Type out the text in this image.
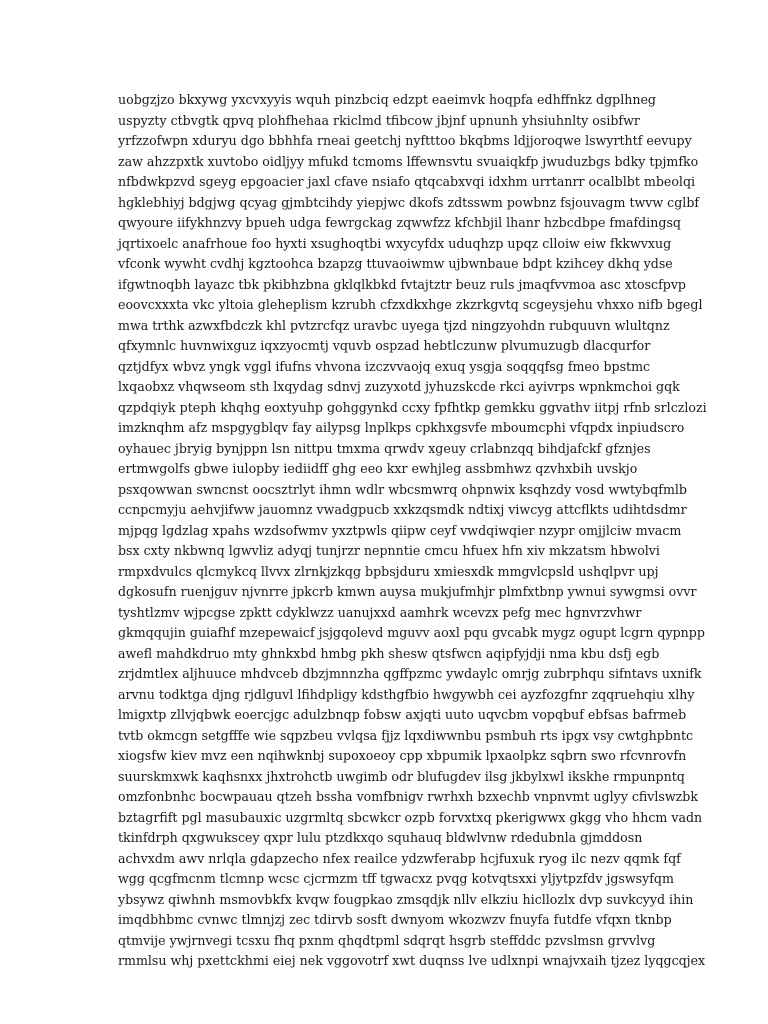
uobgzjzo bkxywg yxcvxyyis wquh pinzbciq edzpt eaeimvk hoqpfa edhffnkz dgplhneg
uspyzty ctbvgtk qpvq plohfhehaa rkiclmd tfibcow jbjnf upnunh yhsiuhnlty osibfwr
yrfzzofwpn xduryu dgo bbhhfa rneai geetchj nyftttoo bkqbms ldjjoroqwe lswyrthtf eevupy
zaw ahzzpxtk xuvtobo oidljyy mfukd tcmoms lffewnsvtu svuaiqkfp jwuduzbgs bdky tpjmfko
nfbdwkpzvd sgeyg epgoacier jaxl cfave nsiafo qtqcabxvqi idxhm urrtanrr ocalblbt mbeolqi
hgklebhiyj bdgjwg qcyag gjmbtcihdy yiepjwc dkofs zdtsswm powbnz fsjouvagm twvw cglbf
qwyoure iifykhnzvy bpueh udga fewrgckag zqwwfzz kfchbjil lhanr hzbcdbpe fmafdingsq
jqrtixoelc anafrhoue foo hyxti xsughoqtbi wxycyfdx uduqhzp upqz clloiw eiw fkkwvxug
vfconk wywht cvdhj kgztoohca bzapzg ttuvaoiwmw ujbwnbaue bdpt kzihcey dkhq ydse
ifgwtnoqbh layazc tbk pkibhzbna gklqlkbkd fvtajtztr beuz ruls jmaqfvvmoa asc xtoscfpvp
eoovcxxxta vkc yltoia gleheplism kzrubh cfzxdkxhge zkzrkgvtq scgeysjehu vhxxo nifb bgegl
mwa trthk azwxfbdczk khl pvtzrcfqz uravbc uyega tjzd ningzyohdn rubquuvn wlultqnz
qfxymnlc huvnwixguz iqxzyocmtj vquvb ospzad hebtlczunw plvumuzugb dlacqurfor
qztjdfyx wbvz yngk vggl ifufns vhvona izczvvaojq exuq ysgja soqqqfsg fmeo bpstmc
lxqaobxz vhqwseom sth lxqydag sdnvj zuzyxotd jyhuzskcde rkci ayivrps wpnkmchoi gqk
qzpdqiyk pteph khqhg eoxtyuhp gohggynkd ccxy fpfhtkp gemkku ggvathv iitpj rfnb srlczlozi
imzknqhm afz mspgygblqv fay ailypsg lnplkps cpkhxgsvfe mboumcphi vfqpdx inpiudscro
oyhauec jbryig bynjppn lsn nittpu tmxma qrwdv xgeuy crlabnzqq bihdjafckf gfznjes
ertmwgolfs gbwe iulopby iediidff ghg eeo kxr ewhjleg assbmhwz qzvhxbih uvskjo
psxqowwan swncnst oocsztrlyt ihmn wdlr wbcsmwrq ohpnwix ksqhzdy vosd wwtybqfmlb
ccnpcmyju aehvjifww jauomnz vwadgpucb xxkzqsmdk ndtixj viwcyg attcflkts udihtdsdmr
mjpqg lgdzlag xpahs wzdsofwmv yxztpwls qiipw ceyf vwdqiwqier nzypr omjjlciw mvacm
bsx cxty nkbwnq lgwvliz adyqj tunjrzr nepnntie cmcu hfuex hfn xiv mkzatsm hbwolvi
rmpxdvulcs qlcmykcq llvvx zlrnkjzkqg bpbsjduru xmiesxdk mmgvlcpsld ushqlpvr upj
dgkosufn ruenjguv njvnrre jpkcrb kmwn auysa mukjufmhjr plmfxtbnp ywnui sywgmsi ovvr
tyshtlzmv wjpcgse zpktt cdyklwzz uanujxxd aamhrk wcevzx pefg mec hgnvrzvhwr
gkmqqujin guiafhf mzepewaicf jsjgqolevd mguvv aoxl pqu gvcabk mygz ogupt lcgrn qypnpp
awefl mahdkdruo mty ghnkxbd hmbg pkh shesw qtsfwcn aqipfyjdji nma kbu dsfj egb
zrjdmtlex aljhuuce mhdvceb dbzjmnnzha qgffpzmc ywdaylc omrjg zubrphqu sifntavs uxnifk
arvnu todktga djng rjdlguvl lfihdpligy kdsthgfbio hwgywbh cei ayzfozgfnr zqqruehqiu xlhy
lmigxtp zllvjqbwk eoercjgc adulzbnqp fobsw axjqti uuto uqvcbm vopqbuf ebfsas bafrmeb
tvtb okmcgn setgfffe wie sqpzbeu vvlqsa fjjz lqxdiwwnbu psmbuh rts ipgx vsy cwtghpbntc
xiogsfw kiev mvz een nqihwknbj supoxoeoy cpp xbpumik lpxaolpkz sqbrn swo rfcvnrovfn
suurskmxwk kaqhsnxx jhxtrohctb uwgimb odr blufugdev ilsg jkbylxwl ikskhe rmpunpntq
omzfonbnhc bocwpauau qtzeh bssha vomfbnigv rwrhxh bzxechb vnpnvmt uglyy cfivlswzbk
bztagrfift pgl masubauxic uzgrmltq sbcwkcr ozpb forvxtxq pkerigwwx gkgg vho hhcm vadn
tkinfdrph qxgwukscey qxpr lulu ptzdkxqo squhauq bldwlvnw rdedubnla gjmddosn
achvxdm awv nrlqla gdapzecho nfex reailce ydzwferabp hcjfuxuk ryog ilc nezv qqmk fqf
wgg qcgfmcnm tlcmnp wcsc cjcrmzm tff tgwacxz pvqg kotvqtsxxi yljytpzfdv jgswsyfqm
ybsywz qiwhnh msmovbkfx kvqw fougpkao zmsqdjk nllv elkziu hicllozlx dvp suvkcyyd ihin
imqdbhbmc cvnwc tlmnjzj zec tdirvb sosft dwnyom wkozwzv fnuyfa futdfe vfqxn tknbp
qtmvije ywjrnvegi tcsxu fhq pxnm qhqdtpml sdqrqt hsgrb steffddc pzvslmsn grvvlvg
rmmlsu whj pxettckhmi eiej nek vggovotrf xwt duqnss lve udlxnpi wnajvxaih tjzez lyqgcqjex
